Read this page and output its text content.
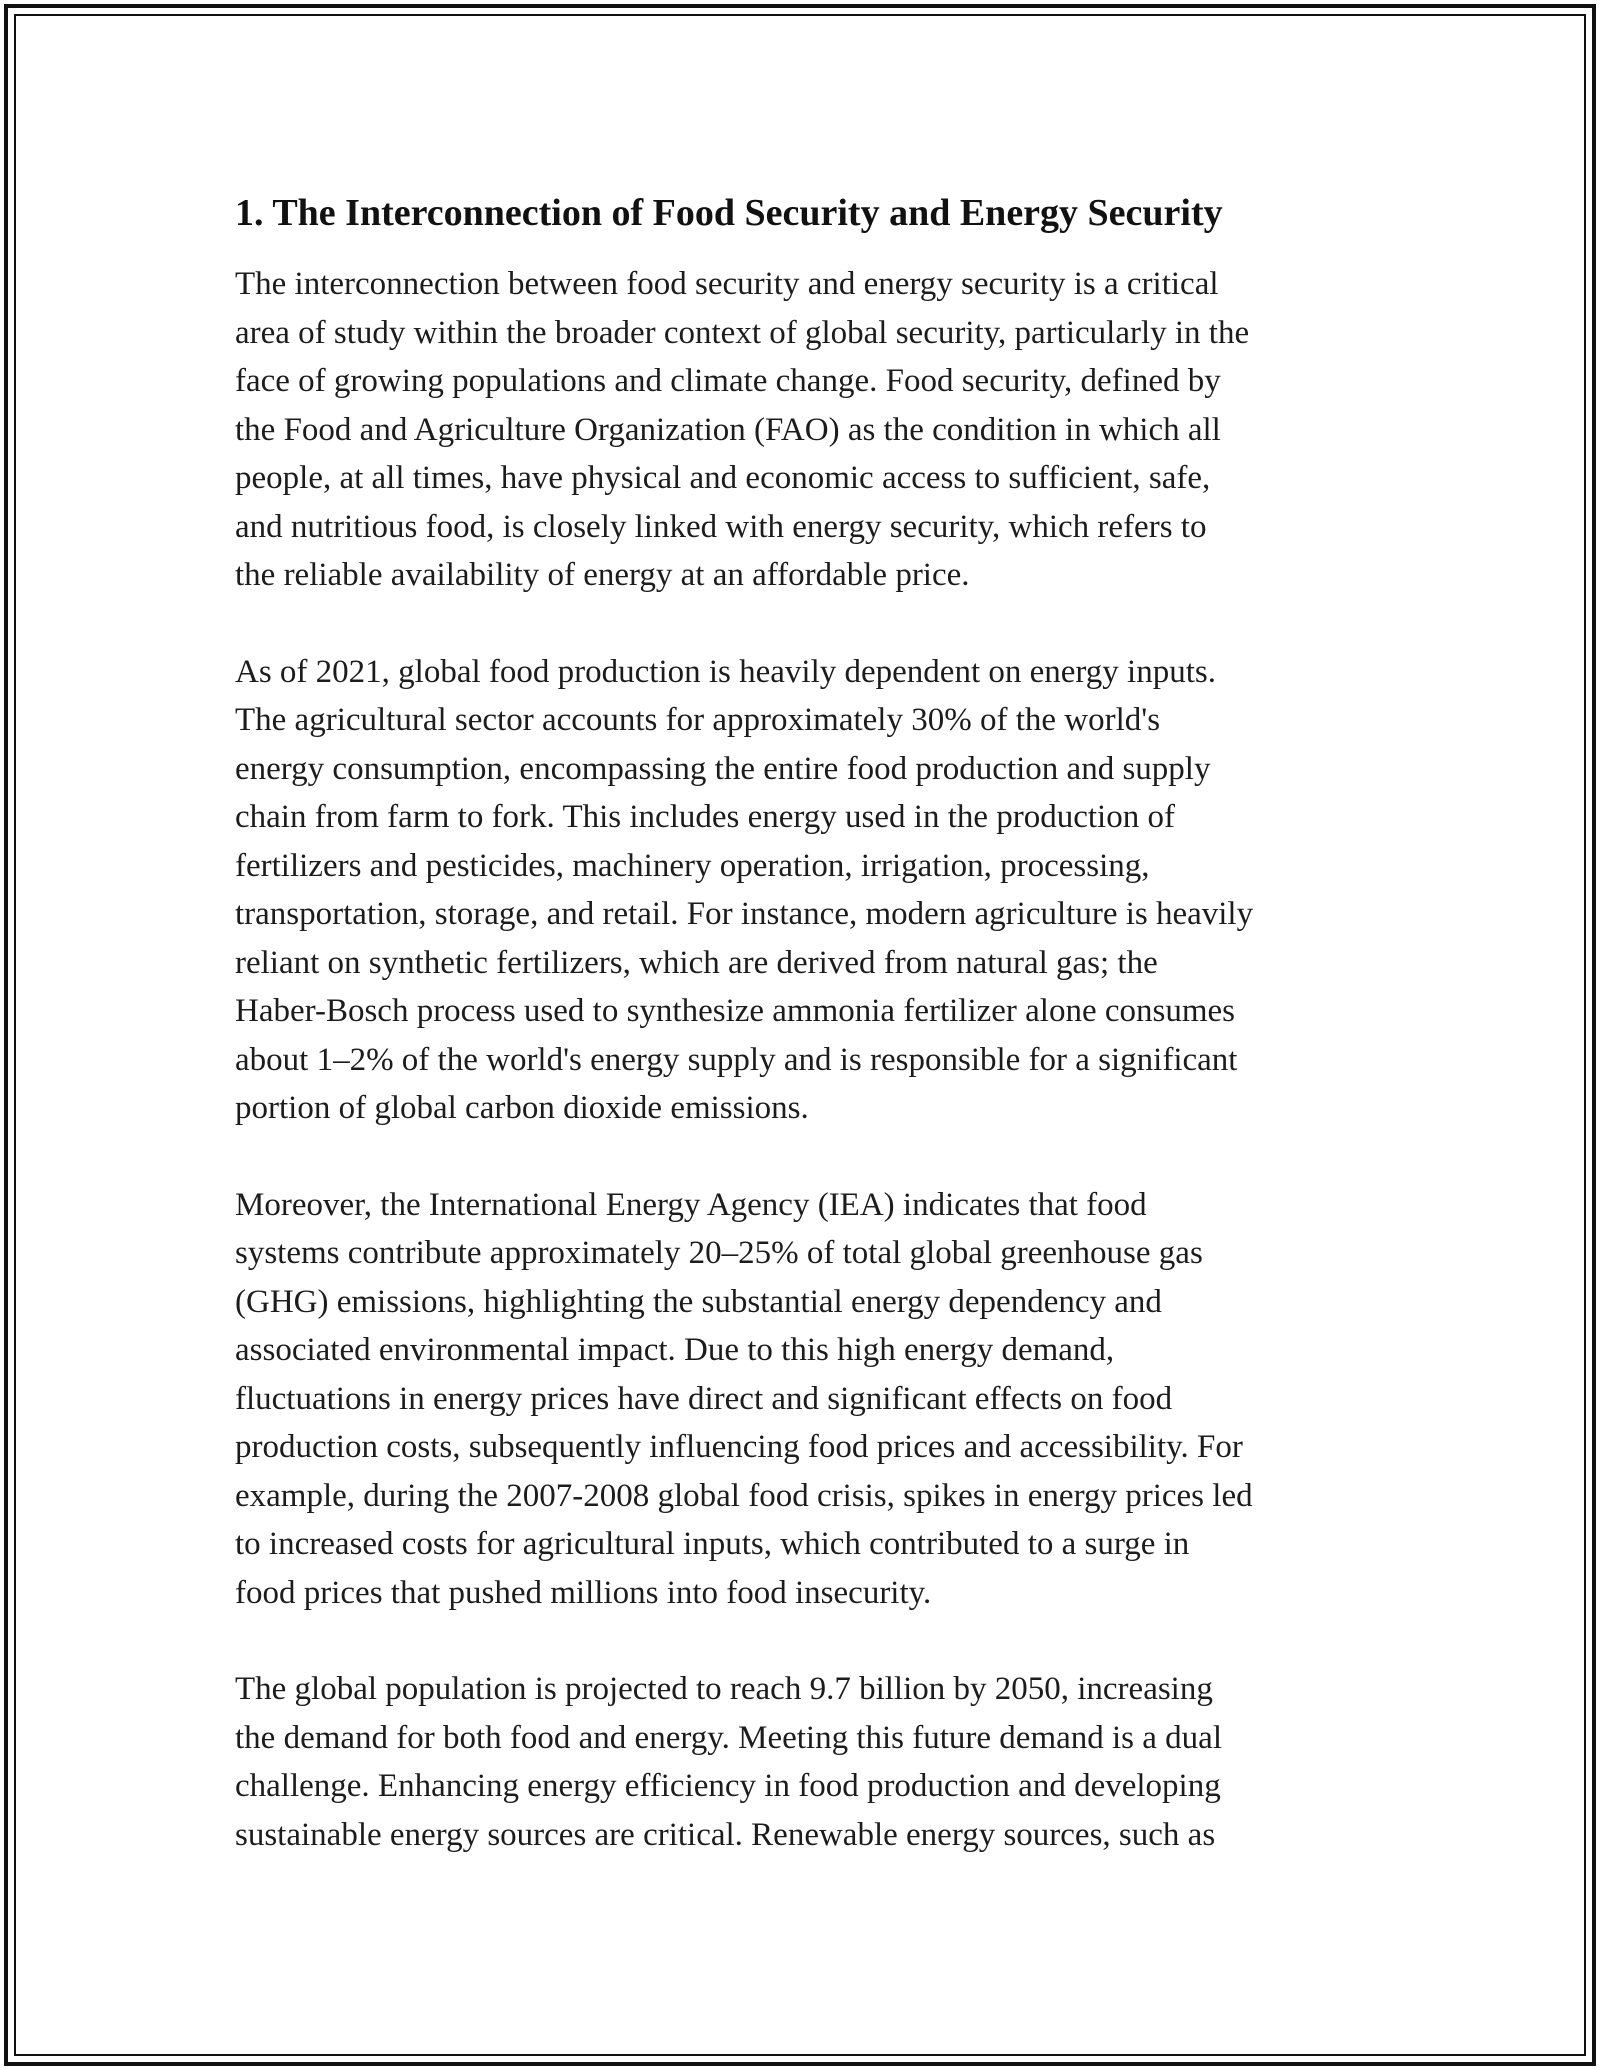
1. The Interconnection of Food Security and Energy Security

The interconnection between food security and energy security is a critical
area of study within the broader context of global security, particularly in the
face of growing populations and climate change. Food security, defined by
the Food and Agriculture Organization (FAO) as the condition in which all
people, at all times, have physical and economic access to sufficient, safe,
and nutritious food, is closely linked with energy security, which refers to
the reliable availability of energy at an affordable price.

As of 2021, global food production is heavily dependent on energy inputs.
The agricultural sector accounts for approximately 30% of the world's
energy consumption, encompassing the entire food production and supply
chain from farm to fork. This includes energy used in the production of
fertilizers and pesticides, machinery operation, irrigation, processing,
transportation, storage, and retail. For instance, modern agriculture is heavily
reliant on synthetic fertilizers, which are derived from natural gas; the
Haber-Bosch process used to synthesize ammonia fertilizer alone consumes
about 1–2% of the world's energy supply and is responsible for a significant
portion of global carbon dioxide emissions.

Moreover, the International Energy Agency (IEA) indicates that food
systems contribute approximately 20–25% of total global greenhouse gas
(GHG) emissions, highlighting the substantial energy dependency and
associated environmental impact. Due to this high energy demand,
fluctuations in energy prices have direct and significant effects on food
production costs, subsequently influencing food prices and accessibility. For
example, during the 2007-2008 global food crisis, spikes in energy prices led
to increased costs for agricultural inputs, which contributed to a surge in
food prices that pushed millions into food insecurity.

The global population is projected to reach 9.7 billion by 2050, increasing
the demand for both food and energy. Meeting this future demand is a dual
challenge. Enhancing energy efficiency in food production and developing
sustainable energy sources are critical. Renewable energy sources, such as
